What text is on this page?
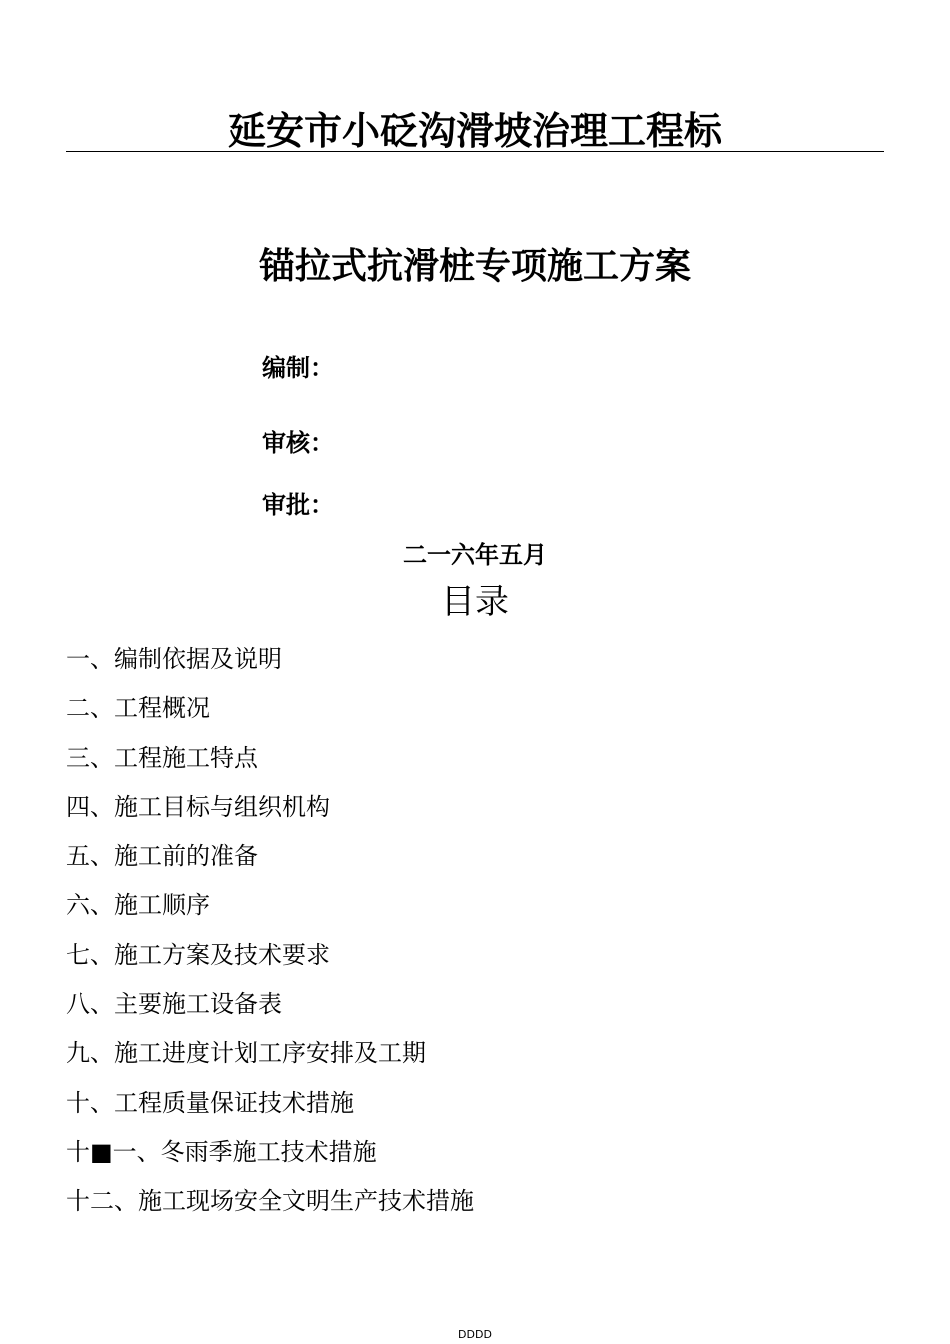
延安市小砭沟滑坡治理工程标
锚拉式抗滑桩专项施工方案
编制：
审核：
审批：
二一六年五月
目录
一、编制依据及说明
二、工程概况
三、工程施工特点
四、施工目标与组织机构
五、施工前的准备
六、施工顺序
七、施工方案及技术要求
八、主要施工设备表
九、施工进度计划工序安排及工期
十、工程质量保证技术措施
十■一、冬雨季施工技术措施
十二、施工现场安全文明生产技术措施
DDDD
